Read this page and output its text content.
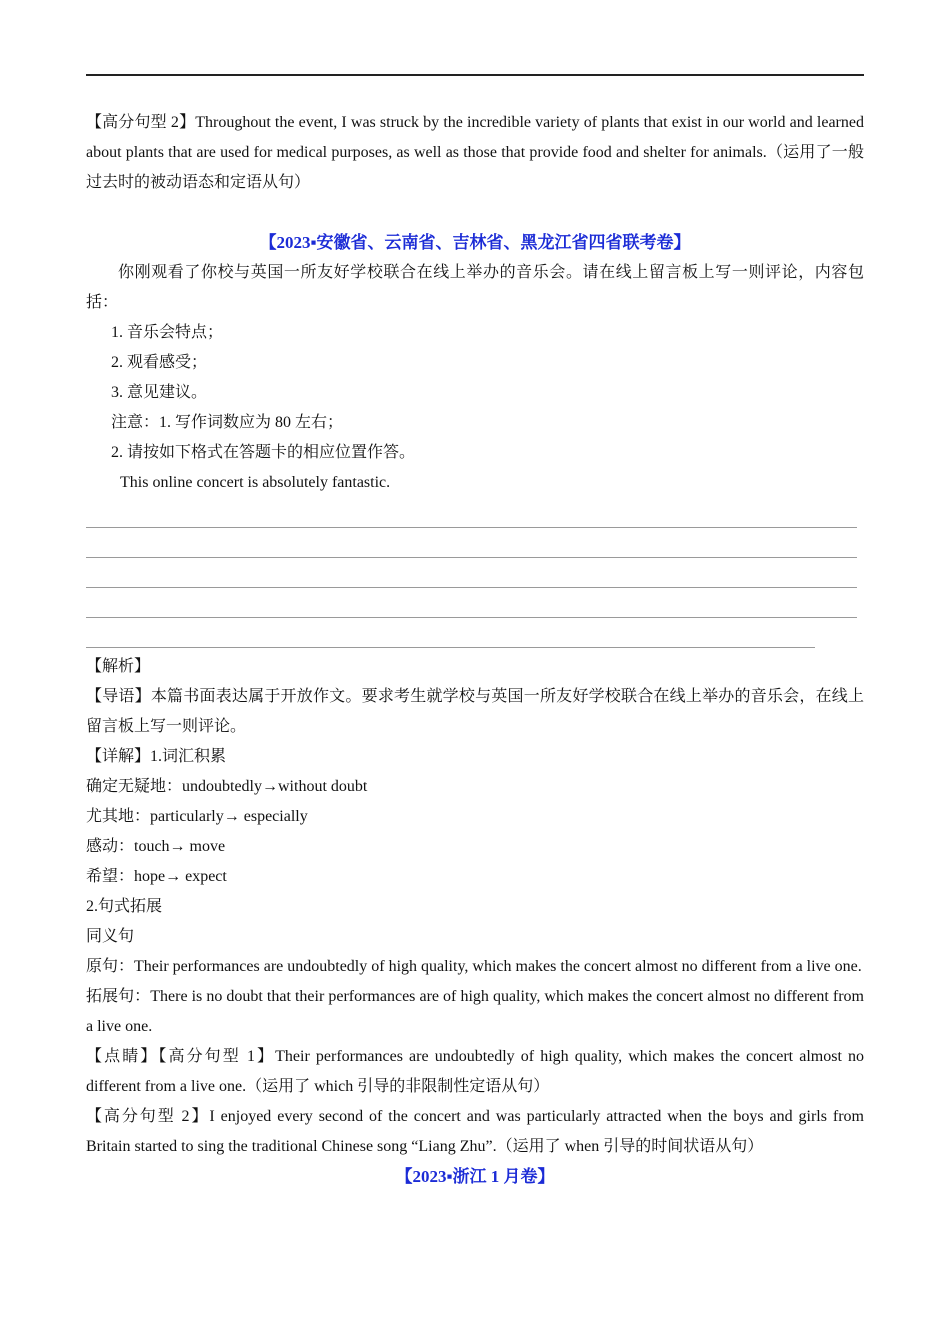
【高分句型 2】Throughout the event, I was struck by the incredible variety of plants that exist in our world and learned about plants that are used for medical purposes, as well as those that provide food and shelter for animals.（运用了一般过去时的被动语态和定语从句）

【2023▪安徽省、云南省、吉林省、黑龙江省四省联考卷】

你刚观看了你校与英国一所友好学校联合在线上举办的音乐会。请在线上留言板上写一则评论，内容包括：

1. 音乐会特点；

2. 观看感受；

3. 意见建议。

注意：1. 写作词数应为 80 左右；

2. 请按如下格式在答题卡的相应位置作答。

This online concert is absolutely fantastic.

【解析】

【导语】本篇书面表达属于开放作文。要求考生就学校与英国一所友好学校联合在线上举办的音乐会，在线上留言板上写一则评论。

【详解】1.词汇积累

确定无疑地：undoubtedly→without doubt

尤其地：particularly→ especially

感动：touch→ move

希望：hope→ expect

2.句式拓展

同义句

原句：Their performances are undoubtedly of high quality, which makes the concert almost no different from a live one.

拓展句：There is no doubt that their performances are of high quality, which makes the concert almost no different from a live one.

【点睛】【高分句型 1】Their performances are undoubtedly of high quality, which makes the concert almost no different from a live one.（运用了 which 引导的非限制性定语从句）

【高分句型 2】I enjoyed every second of the concert and was particularly attracted when the boys and girls from Britain started to sing the traditional Chinese song “Liang Zhu”.（运用了 when 引导的时间状语从句）

【2023▪浙江 1 月卷】
